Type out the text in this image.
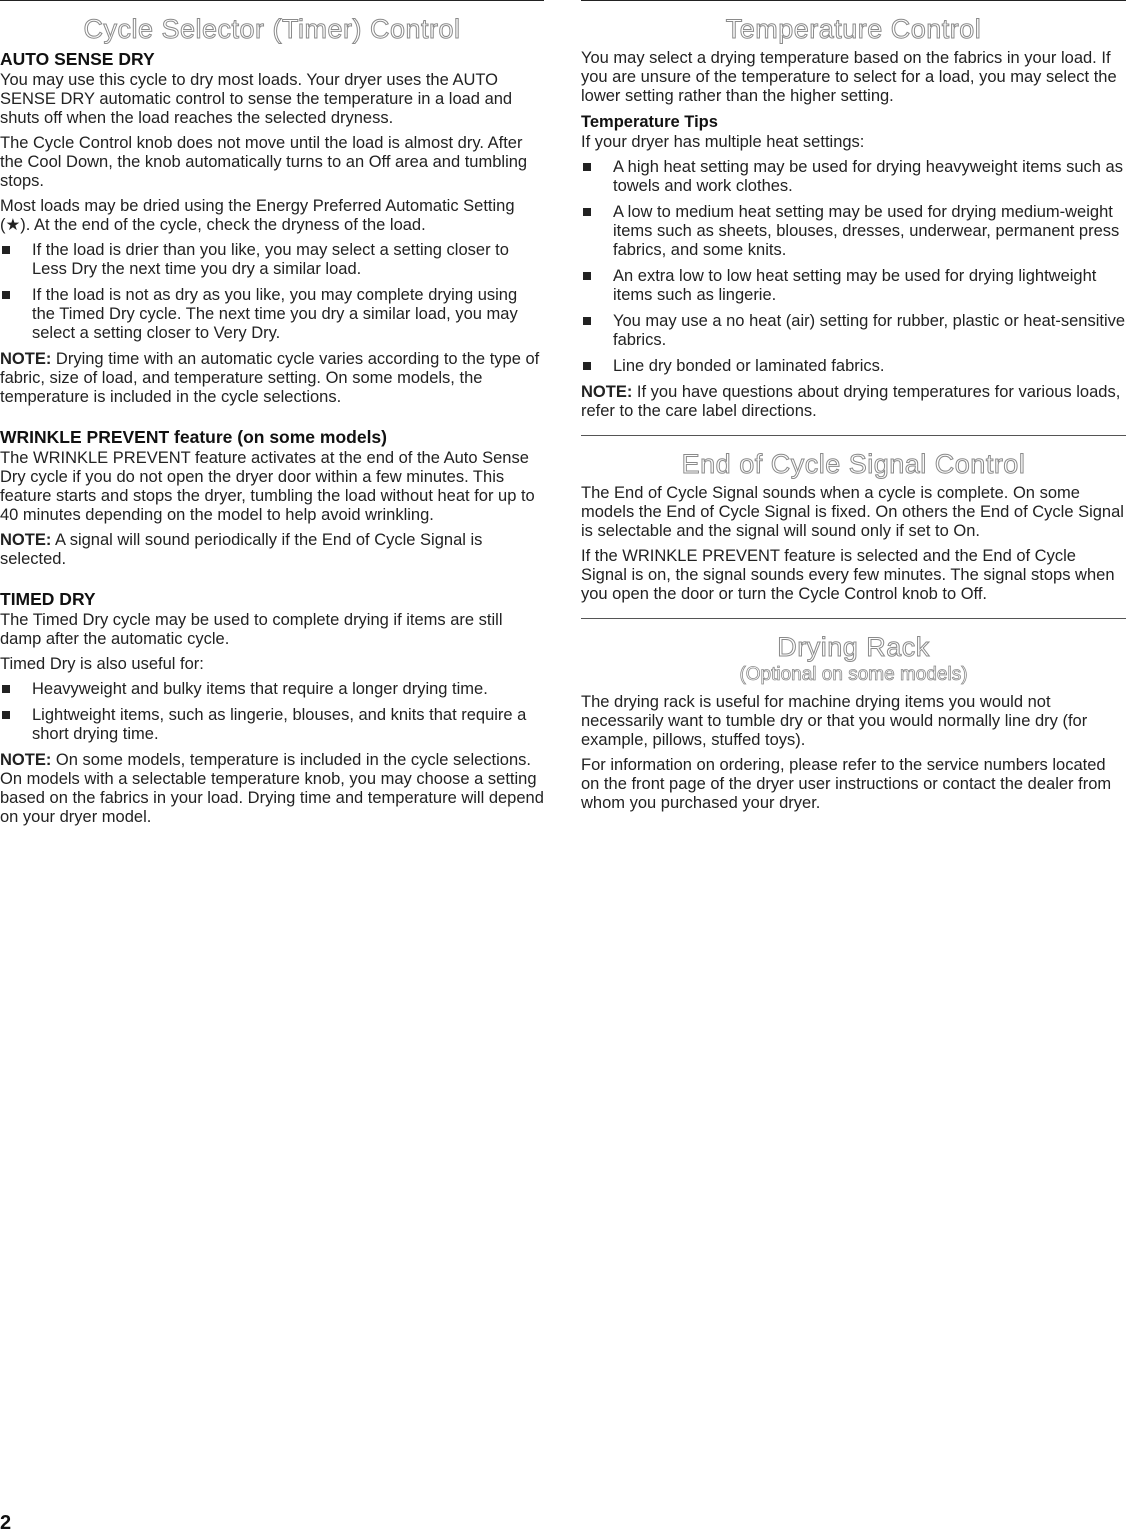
Cycle Selector (Timer) Control
AUTO SENSE DRY

You may use this cycle to dry most loads. Your dryer uses the AUTO SENSE DRY automatic control to sense the temperature in a load and shuts off when the load reaches the selected dryness.

The Cycle Control knob does not move until the load is almost dry. After the Cool Down, the knob automatically turns to an Off area and tumbling stops.

Most loads may be dried using the Energy Preferred Automatic Setting (★). At the end of the cycle, check the dryness of the load.

If the load is drier than you like, you may select a setting closer to Less Dry the next time you dry a similar load.
If the load is not as dry as you like, you may complete drying using the Timed Dry cycle. The next time you dry a similar load, you may select a setting closer to Very Dry.

NOTE: Drying time with an automatic cycle varies according to the type of fabric, size of load, and temperature setting. On some models, the temperature is included in the cycle selections.

WRINKLE PREVENT feature (on some models)

The WRINKLE PREVENT feature activates at the end of the Auto Sense Dry cycle if you do not open the dryer door within a few minutes. This feature starts and stops the dryer, tumbling the load without heat for up to 40 minutes depending on the model to help avoid wrinkling.

NOTE: A signal will sound periodically if the End of Cycle Signal is selected.

TIMED DRY

The Timed Dry cycle may be used to complete drying if items are still damp after the automatic cycle.

Timed Dry is also useful for:

Heavyweight and bulky items that require a longer drying time.
Lightweight items, such as lingerie, blouses, and knits that require a short drying time.

NOTE: On some models, temperature is included in the cycle selections. On models with a selectable temperature knob, you may choose a setting based on the fabrics in your load. Drying time and temperature will depend on your dryer model.

Temperature Control

You may select a drying temperature based on the fabrics in your load. If you are unsure of the temperature to select for a load, you may select the lower setting rather than the higher setting.

Temperature Tips

If your dryer has multiple heat settings:

A high heat setting may be used for drying heavyweight items such as towels and work clothes.
A low to medium heat setting may be used for drying medium-weight items such as sheets, blouses, dresses, underwear, permanent press fabrics, and some knits.
An extra low to low heat setting may be used for drying lightweight items such as lingerie.
You may use a no heat (air) setting for rubber, plastic or heat-sensitive fabrics.
Line dry bonded or laminated fabrics.

NOTE: If you have questions about drying temperatures for various loads, refer to the care label directions.

End of Cycle Signal Control

The End of Cycle Signal sounds when a cycle is complete. On some models the End of Cycle Signal is fixed. On others the End of Cycle Signal is selectable and the signal will sound only if set to On.

If the WRINKLE PREVENT feature is selected and the End of Cycle Signal is on, the signal sounds every few minutes. The signal stops when you open the door or turn the Cycle Control knob to Off.

Drying Rack
(Optional on some models)

The drying rack is useful for machine drying items you would not necessarily want to tumble dry or that you would normally line dry (for example, pillows, stuffed toys).

For information on ordering, please refer to the service numbers located on the front page of the dryer user instructions or contact the dealer from whom you purchased your dryer.

2
